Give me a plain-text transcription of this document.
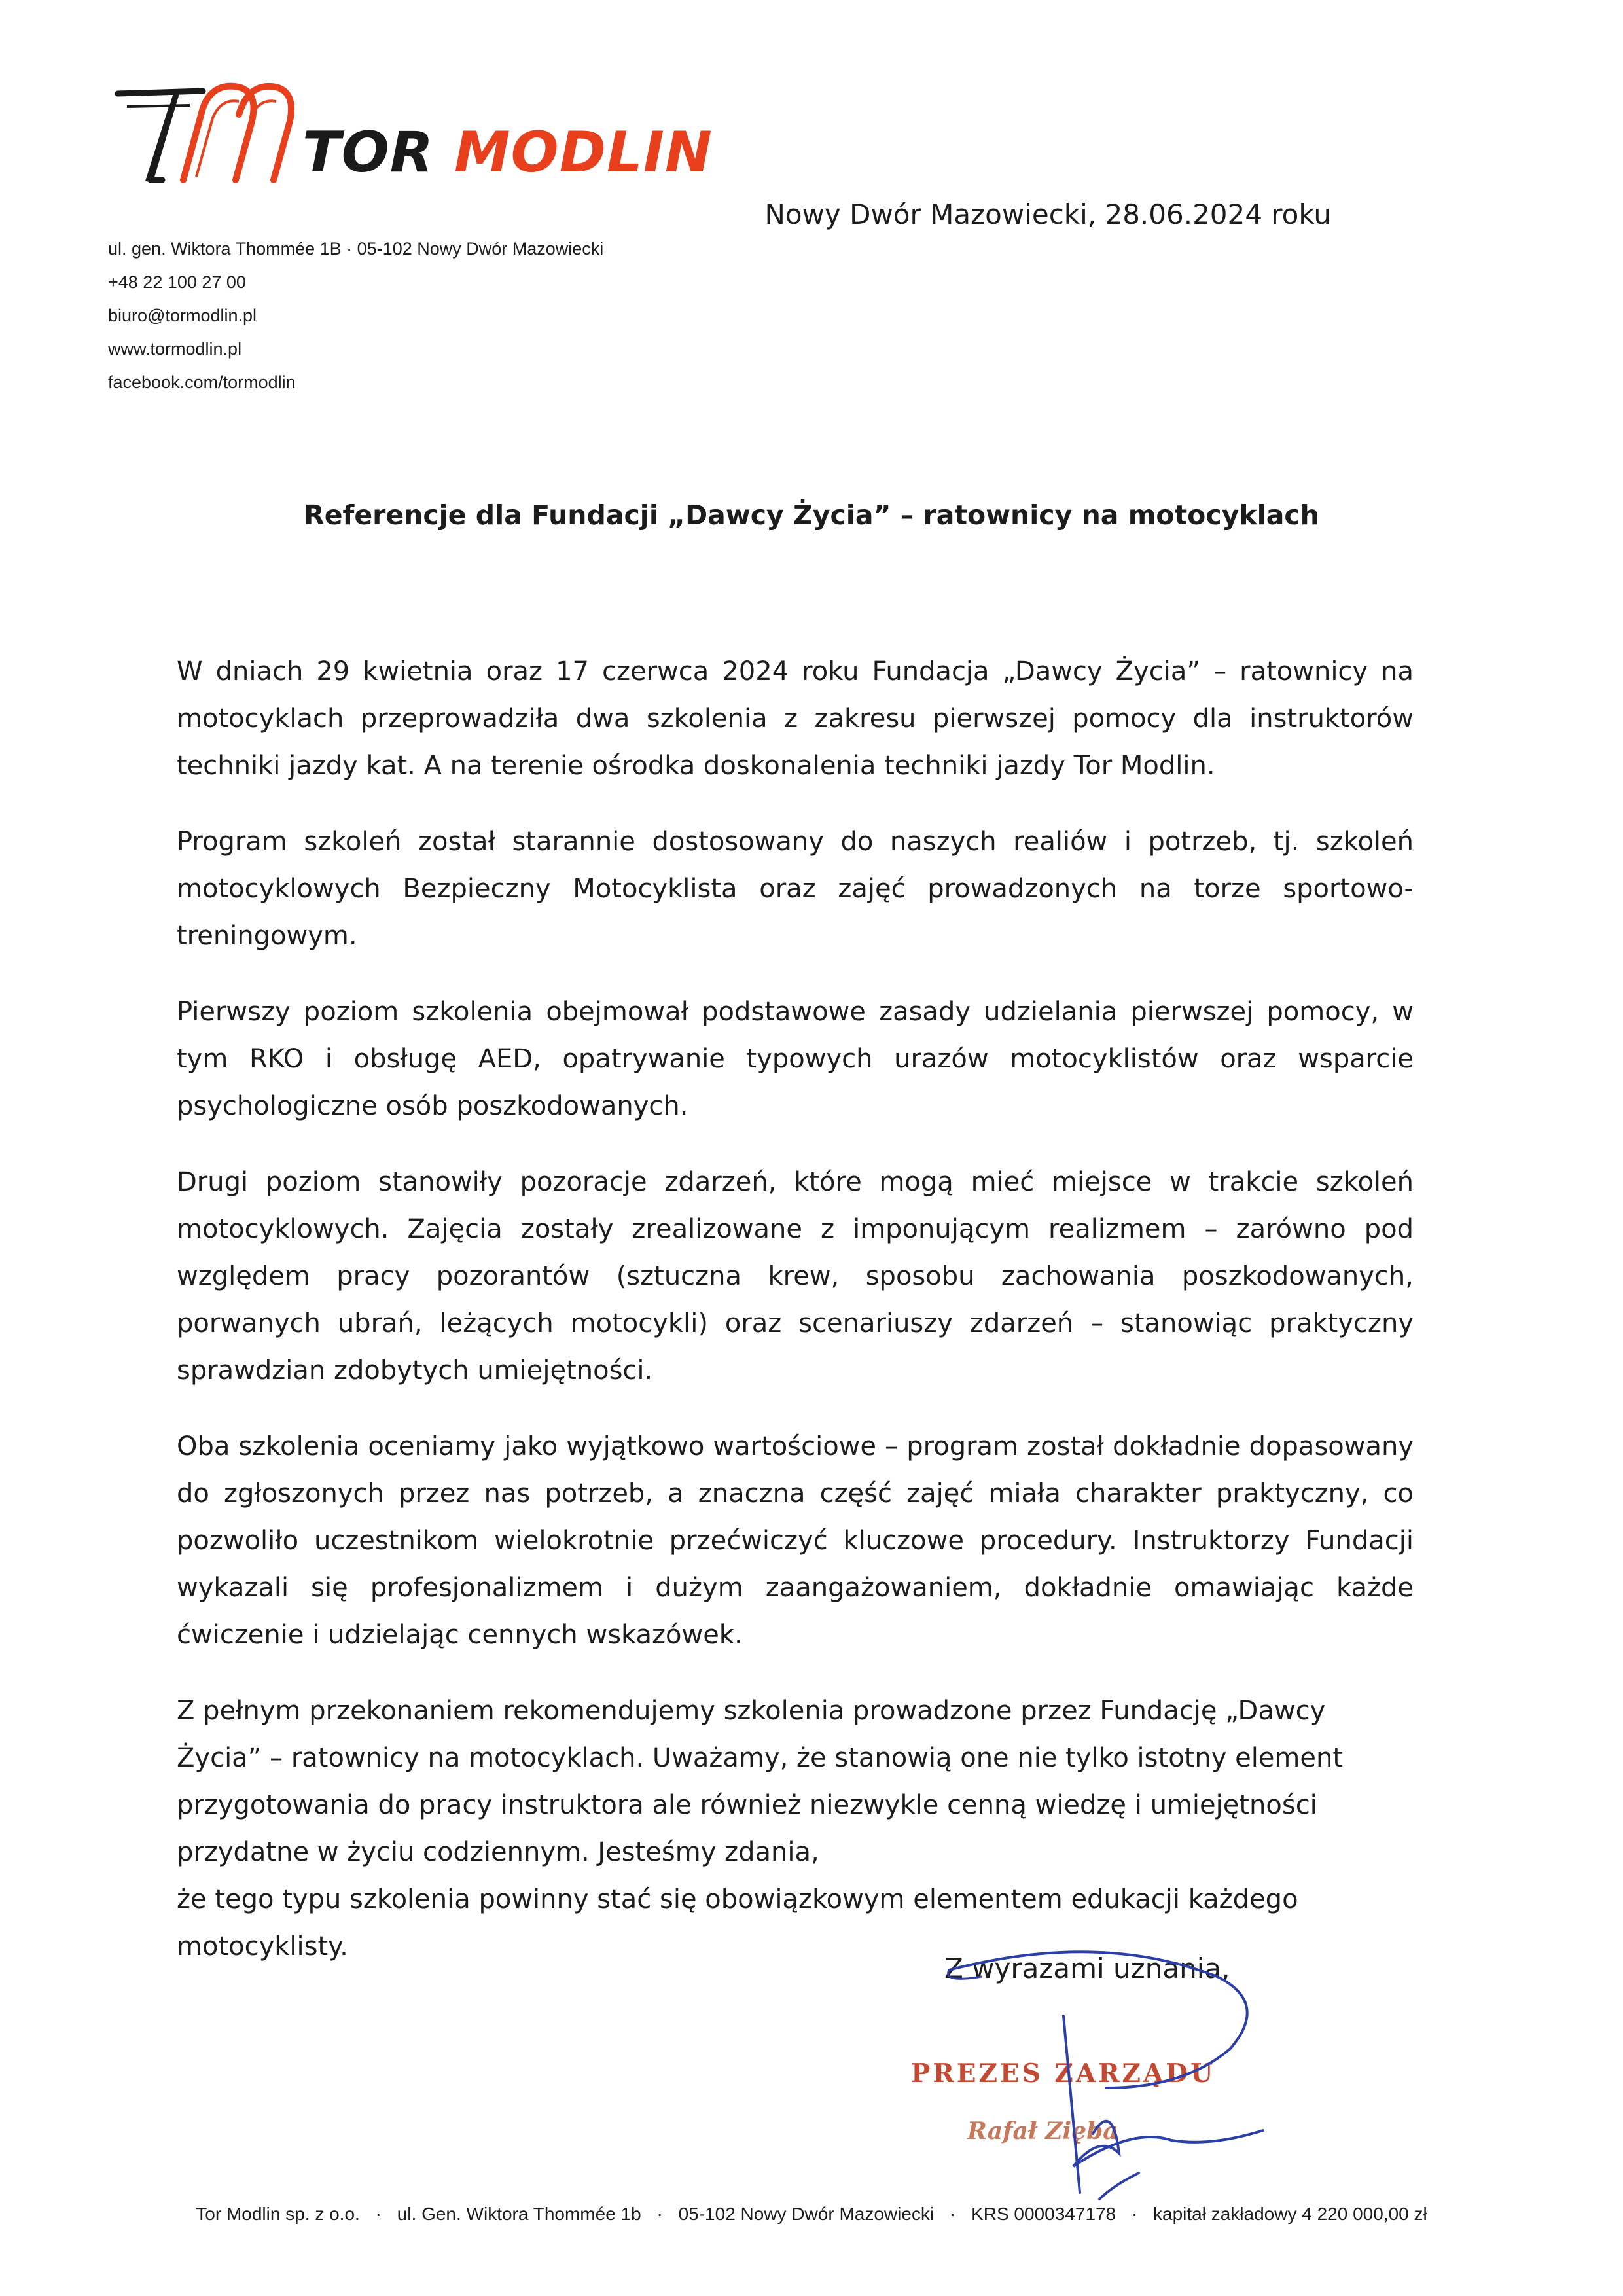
TOR MODLIN
ul. gen. Wiktora Thommée 1B · 05-102 Nowy Dwór Mazowiecki
+48 22 100 27 00
biuro@tormodlin.pl
www.tormodlin.pl
facebook.com/tormodlin
Nowy Dwór Mazowiecki, 28.06.2024 roku
Referencje dla Fundacji „Dawcy Życia” – ratownicy na motocyklach

W dniach 29 kwietnia oraz 17 czerwca 2024 roku Fundacja „Dawcy Życia” – ratownicy na motocyklach przeprowadziła dwa szkolenia z zakresu pierwszej pomocy dla instruktorów techniki jazdy kat. A na terenie ośrodka doskonalenia techniki jazdy Tor Modlin.

Program szkoleń został starannie dostosowany do naszych realiów i potrzeb, tj. szkoleń motocyklowych Bezpieczny Motocyklista oraz zajęć prowadzonych na torze sportowo-treningowym.

Pierwszy poziom szkolenia obejmował podstawowe zasady udzielania pierwszej pomocy, w tym RKO i obsługę AED, opatrywanie typowych urazów motocyklistów oraz wsparcie psychologiczne osób poszkodowanych.

Drugi poziom stanowiły pozoracje zdarzeń, które mogą mieć miejsce w trakcie szkoleń motocyklowych. Zajęcia zostały zrealizowane z imponującym realizmem – zarówno pod względem pracy pozorantów (sztuczna krew, sposobu zachowania poszkodowanych, porwanych ubrań, leżących motocykli) oraz scenariuszy zdarzeń – stanowiąc praktyczny sprawdzian zdobytych umiejętności.

Oba szkolenia oceniamy jako wyjątkowo wartościowe – program został dokładnie dopasowany do zgłoszonych przez nas potrzeb, a znaczna część zajęć miała charakter praktyczny, co pozwoliło uczestnikom wielokrotnie przećwiczyć kluczowe procedury. Instruktorzy Fundacji wykazali się profesjonalizmem i dużym zaangażowaniem, dokładnie omawiając każde ćwiczenie i udzielając cennych wskazówek.

Z pełnym przekonaniem rekomendujemy szkolenia prowadzone przez Fundację „Dawcy Życia” – ratownicy na motocyklach. Uważamy, że stanowią one nie tylko istotny element przygotowania do pracy instruktora ale również niezwykle cenną wiedzę i umiejętności przydatne w życiu codziennym. Jesteśmy zdania,
że tego typu szkolenia powinny stać się obowiązkowym elementem edukacji każdego motocyklisty.

Z wyrazami uznania,
PREZES ZARZĄDU
Rafał Zięba
Tor Modlin sp. z o.o. · ul. Gen. Wiktora Thommée 1b · 05-102 Nowy Dwór Mazowiecki · KRS 0000347178 · kapitał zakładowy 4 220 000,00 zł
